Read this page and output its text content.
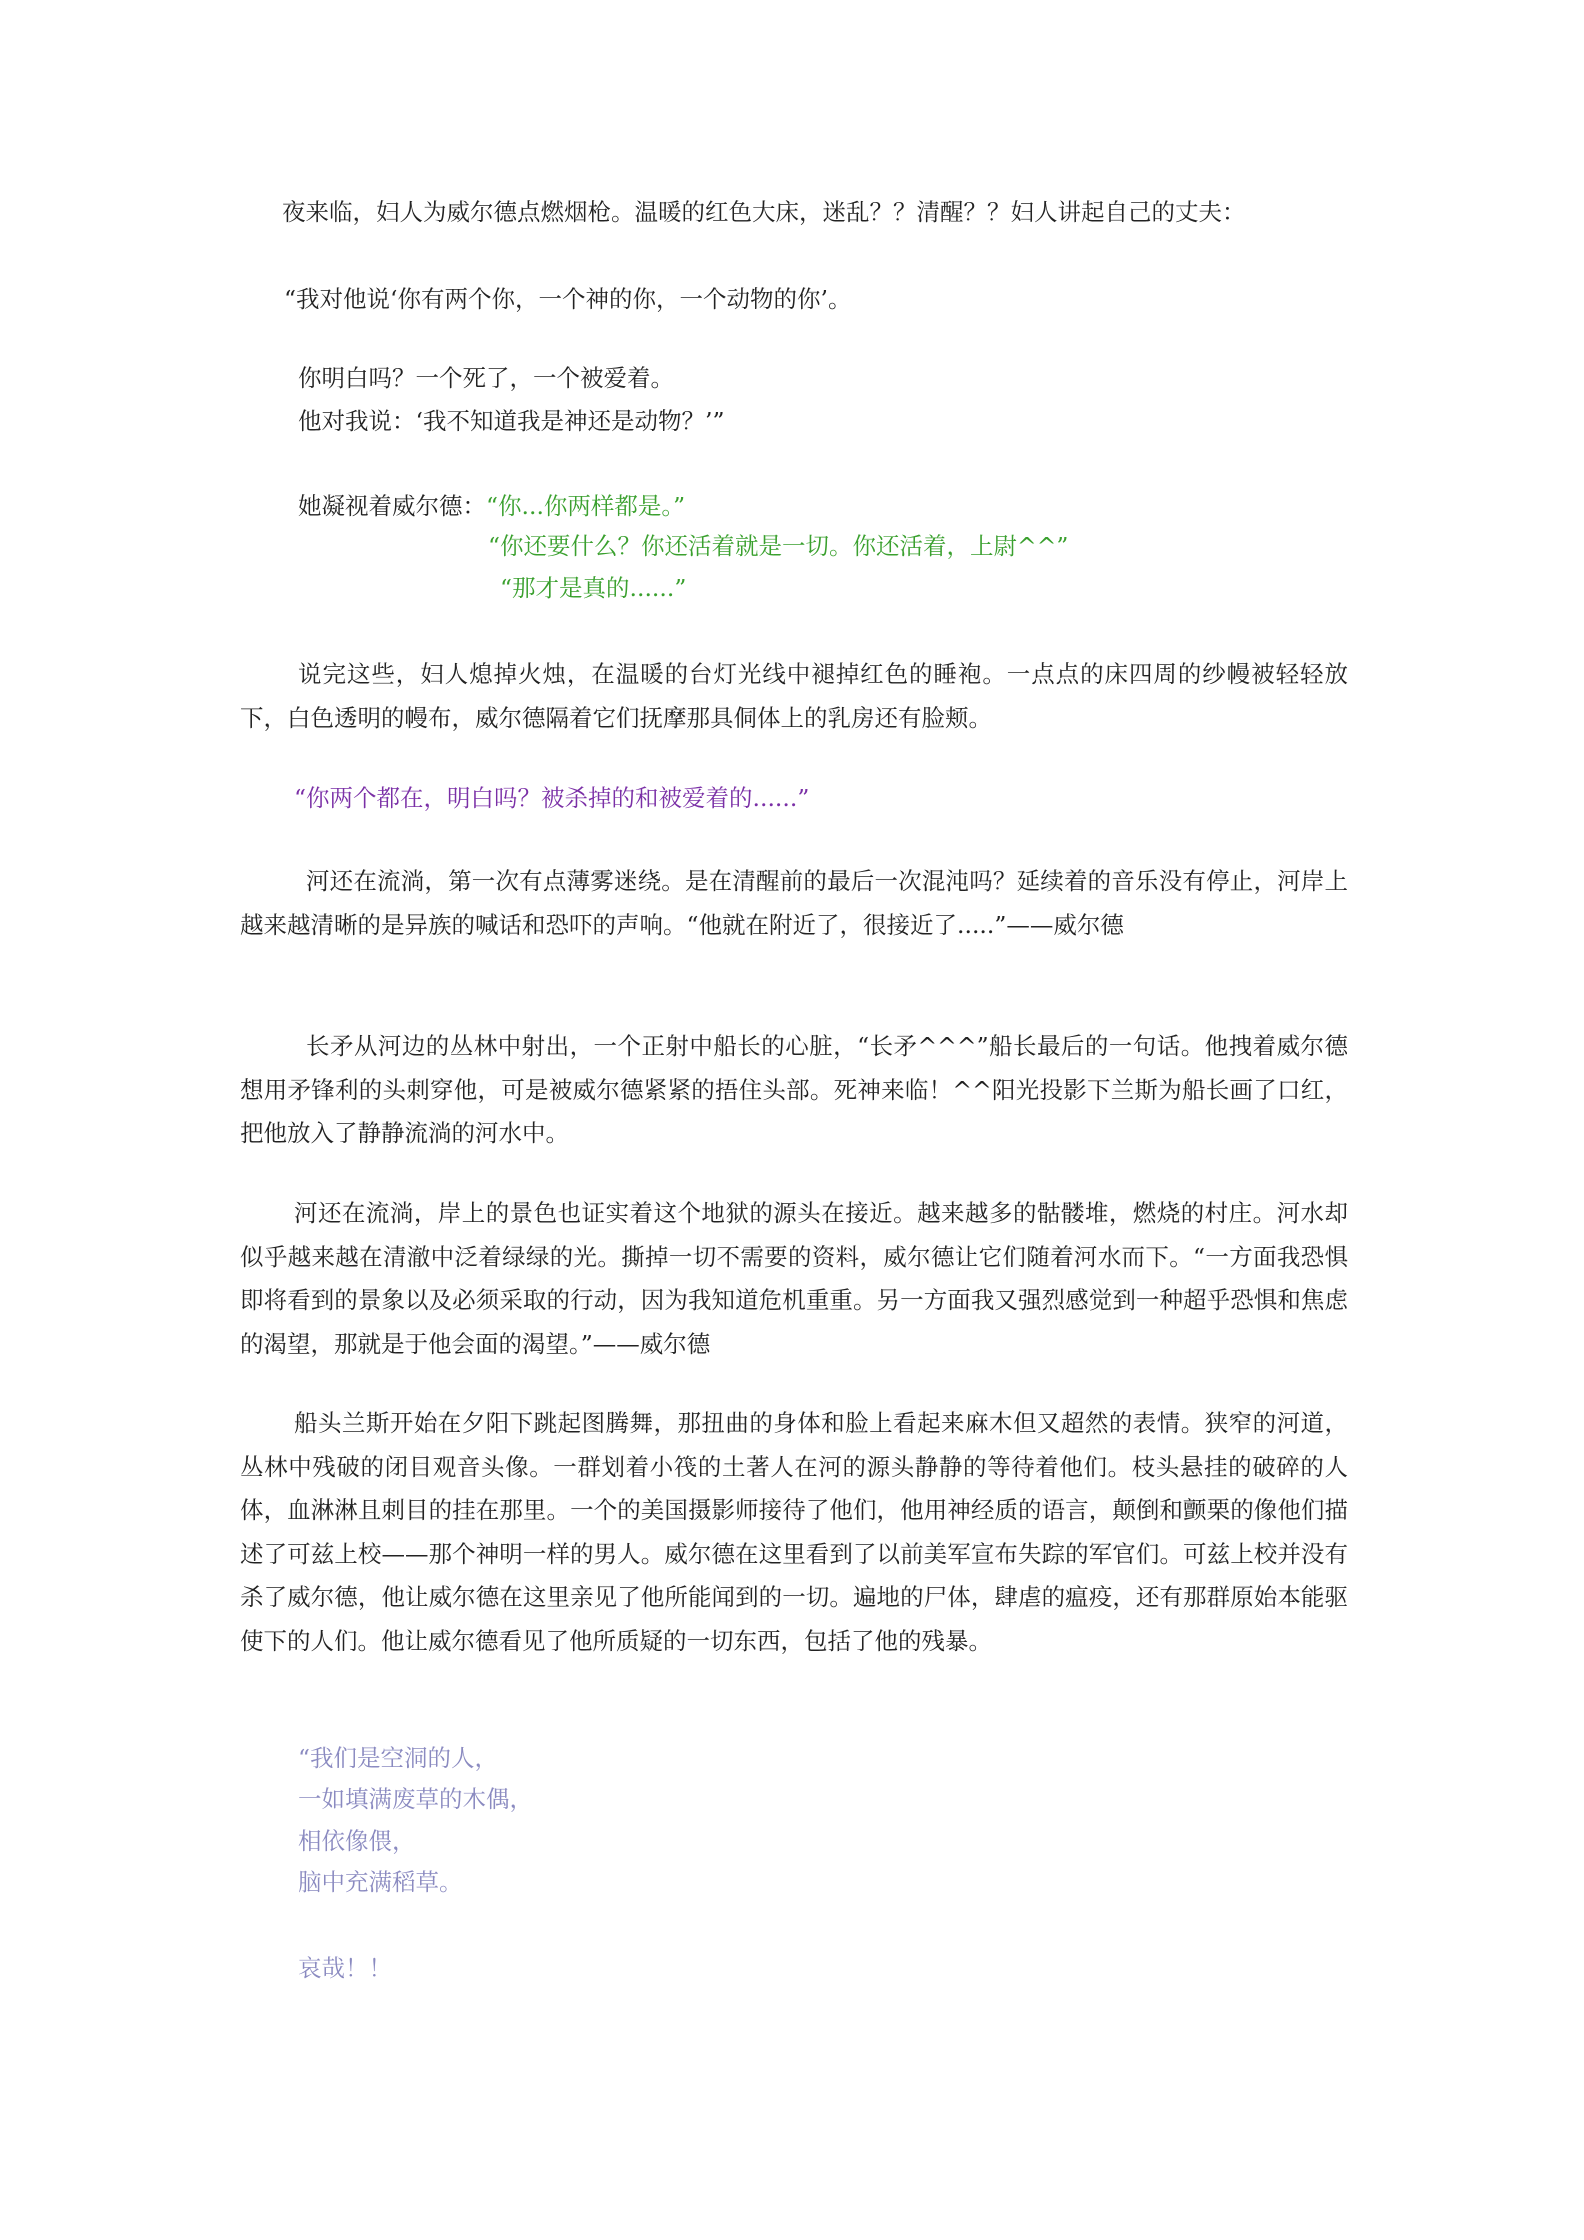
夜来临，妇人为威尔德点燃烟枪。温暖的红色大床，迷乱？？清醒？？妇人讲起自己的丈夫：
“我对他说‘你有两个你，一个神的你，一个动物的你’。
你明白吗？一个死了，一个被爱着。
他对我说：‘我不知道我是神还是动物？’”
她凝视着威尔德：“你...你两样都是。”
“你还要什么？你还活着就是一切。你还活着，上尉^^”
“那才是真的......”
说完这些，妇人熄掉火烛，在温暖的台灯光线中褪掉红色的睡袍。一点点的床四周的纱幔被轻轻放下，白色透明的幔布，威尔德隔着它们抚摩那具侗体上的乳房还有脸颊。
“你两个都在，明白吗？被杀掉的和被爱着的......”
河还在流淌，第一次有点薄雾迷绕。是在清醒前的最后一次混沌吗？延续着的音乐没有停止，河岸上越来越清晰的是异族的喊话和恐吓的声响。“他就在附近了，很接近了.....”——威尔德
长矛从河边的丛林中射出，一个正射中船长的心脏，“长矛^^^”船长最后的一句话。他拽着威尔德想用矛锋利的头刺穿他，可是被威尔德紧紧的捂住头部。死神来临！^^阳光投影下兰斯为船长画了口红，把他放入了静静流淌的河水中。
河还在流淌，岸上的景色也证实着这个地狱的源头在接近。越来越多的骷髅堆，燃烧的村庄。河水却似乎越来越在清澈中泛着绿绿的光。撕掉一切不需要的资料，威尔德让它们随着河水而下。“一方面我恐惧即将看到的景象以及必须采取的行动，因为我知道危机重重。另一方面我又强烈感觉到一种超乎恐惧和焦虑的渴望，那就是于他会面的渴望。”——威尔德
船头兰斯开始在夕阳下跳起图腾舞，那扭曲的身体和脸上看起来麻木但又超然的表情。狭窄的河道，丛林中残破的闭目观音头像。一群划着小筏的土著人在河的源头静静的等待着他们。枝头悬挂的破碎的人体，血淋淋且刺目的挂在那里。一个的美国摄影师接待了他们，他用神经质的语言，颠倒和颤栗的像他们描述了可兹上校——那个神明一样的男人。威尔德在这里看到了以前美军宣布失踪的军官们。可兹上校并没有杀了威尔德，他让威尔德在这里亲见了他所能闻到的一切。遍地的尸体，肆虐的瘟疫，还有那群原始本能驱使下的人们。他让威尔德看见了他所质疑的一切东西，包括了他的残暴。
“我们是空洞的人，
一如填满废草的木偶，
相依像偎，
脑中充满稻草。
哀哉！！
